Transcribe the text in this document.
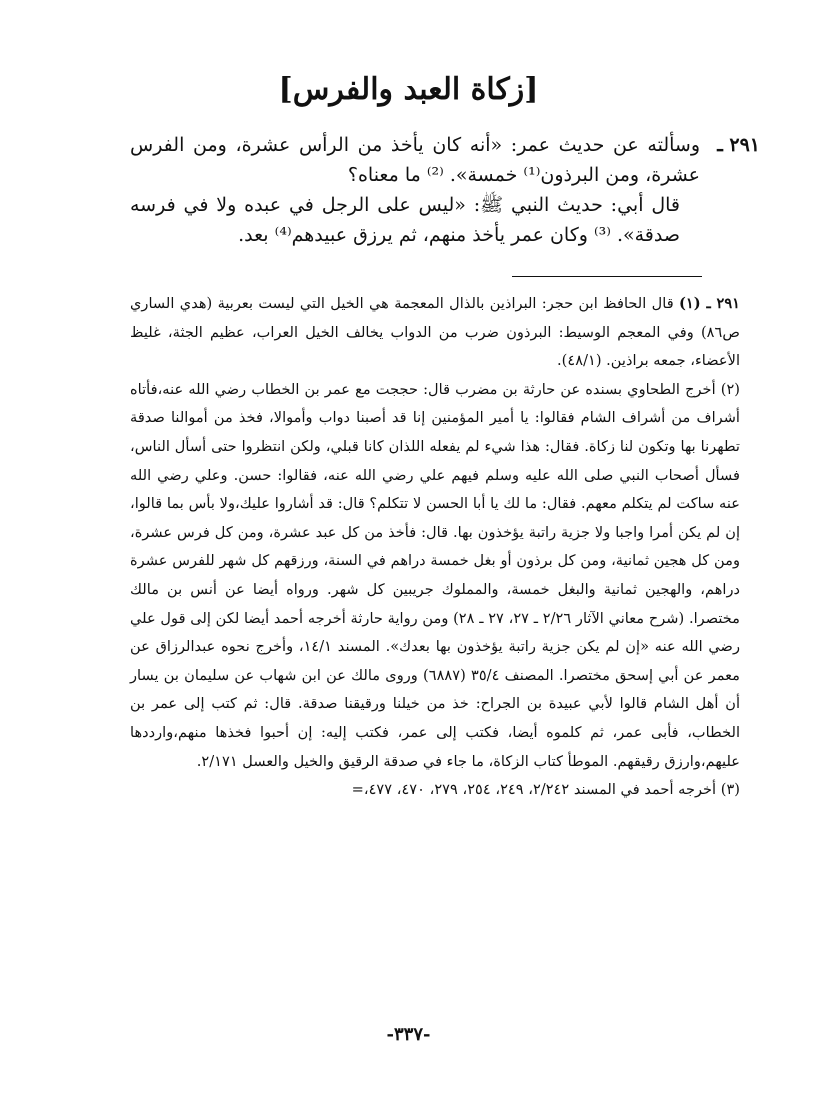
[زكاة العبد والفرس]
٢٩١ ـ

وسألته عن حديث عمر: «أنه كان يأخذ من الرأس عشرة، ومن الفرس عشرة، ومن البرذون⁽¹⁾ خمسة». ⁽²⁾ ما معناه؟

قال أبي: حديث النبي ﷺ: «ليس على الرجل في عبده ولا في فرسه صدقة». ⁽³⁾ وكان عمر يأخذ منهم، ثم يرزق عبيدهم⁽⁴⁾ بعد.

٢٩١ ـ (١) قال الحافظ ابن حجر: البراذين بالذال المعجمة هي الخيل التي ليست بعربية (هدي الساري ص٨٦) وفي المعجم الوسيط: البرذون ضرب من الدواب يخالف الخيل العراب، عظيم الجثة، غليظ الأعضاء، جمعه براذين. (٤٨/١).

(٢) أخرج الطحاوي بسنده عن حارثة بن مضرب قال: حججت مع عمر بن الخطاب رضي الله عنه،فأتاه أشراف من أشراف الشام فقالوا: يا أمير المؤمنين إنا قد أصبنا دواب وأموالا، فخذ من أموالنا صدقة تطهرنا بها وتكون لنا زكاة. فقال: هذا شيء لم يفعله اللذان كانا قبلي، ولكن انتظروا حتى أسأل الناس، فسأل أصحاب النبي صلى الله عليه وسلم فيهم علي رضي الله عنه، فقالوا: حسن. وعلي رضي الله عنه ساكت لم يتكلم معهم. فقال: ما لك يا أبا الحسن لا تتكلم؟ قال: قد أشاروا عليك،ولا بأس بما قالوا، إن لم يكن أمرا واجبا ولا جزية راتبة يؤخذون بها. قال: فأخذ من كل عبد عشرة، ومن كل فرس عشرة، ومن كل هجين ثمانية، ومن كل برذون أو بغل خمسة دراهم في السنة، ورزقهم كل شهر للفرس عشرة دراهم، والهجين ثمانية والبغل خمسة، والمملوك جريبين كل شهر. ورواه أيضا عن أنس بن مالك مختصرا. (شرح معاني الآثار ٢/٢٦ ـ ٢٧، ٢٧ ـ ٢٨) ومن رواية حارثة أخرجه أحمد أيضا لكن إلى قول علي رضي الله عنه «إن لم يكن جزية راتبة يؤخذون بها بعدك». المسند ١٤/١، وأخرج نحوه عبدالرزاق عن معمر عن أبي إسحق مختصرا. المصنف ٣٥/٤ (٦٨٨٧) وروى مالك عن ابن شهاب عن سليمان بن يسار أن أهل الشام قالوا لأبي عبيدة بن الجراح: خذ من خيلنا ورقيقنا صدقة. قال: ثم كتب إلى عمر بن الخطاب، فأبى عمر، ثم كلموه أيضا، فكتب إلى عمر، فكتب إليه: إن أحبوا فخذها منهم،وارددها عليهم،وارزق رقيقهم. الموطأ كتاب الزكاة، ما جاء في صدقة الرقيق والخيل والعسل ٢/١٧١.

(٣) أخرجه أحمد في المسند ٢/٢٤٢، ٢٤٩، ٢٥٤، ٢٧٩، ٤٧٠، ٤٧٧،=

-٣٣٧-
